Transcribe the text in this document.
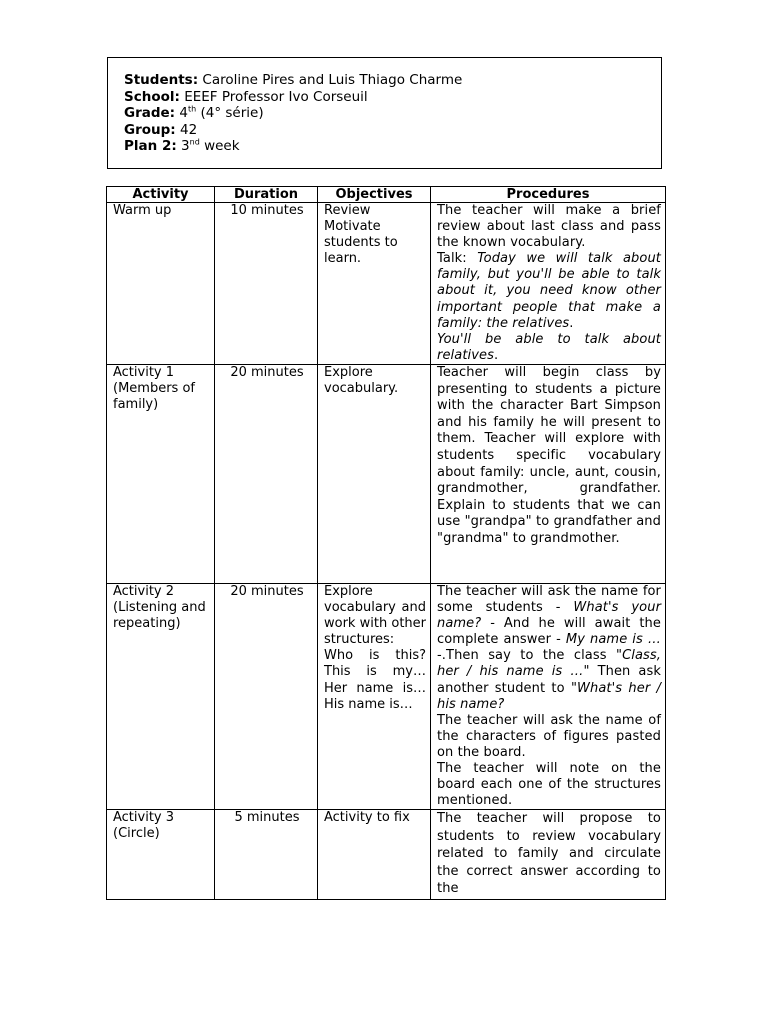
Students: Caroline Pires and Luis Thiago Charme
School: EEEF Professor Ivo Corseuil
Grade: 4th (4° série)
Group: 42
Plan 2: 3nd week
Activity	Duration	Objectives	Procedures
Warm up	10 minutes	Review Motivate students to learn.	The teacher will make a brief review about last class and pass the known vocabulary.
Talk: Today we will talk about family, but you'll be able to talk about it, you need know other important people that make a family: the relatives.
You'll be able to talk about relatives.

Activity 1 (Members of family)	20 minutes	Explore vocabulary.	Teacher will begin class by presenting to students a picture with the character Bart Simpson and his family he will present to them. Teacher will explore with students specific vocabulary about family: uncle, aunt, cousin, grandmother, grandfather. Explain to students that we can use "grandpa" to grandfather and "grandma" to grandmother.
Activity 2 (Listening and repeating)	20 minutes	Explore vocabulary and work with other structures: Who is this? This is my… Her name is… His name is…	The teacher will ask the name for some students - What's your name? - And he will await the complete answer - My name is … -.Then say to the class "Class, her / his name is …" Then ask another student to "What's her / his name?
The teacher will ask the name of the characters of figures pasted on the board.
The teacher will note on the board each one of the structures mentioned.

Activity 3 (Circle)	5 minutes	Activity to fix	The teacher will propose to students to review vocabulary related to family and circulate the correct answer according to the
